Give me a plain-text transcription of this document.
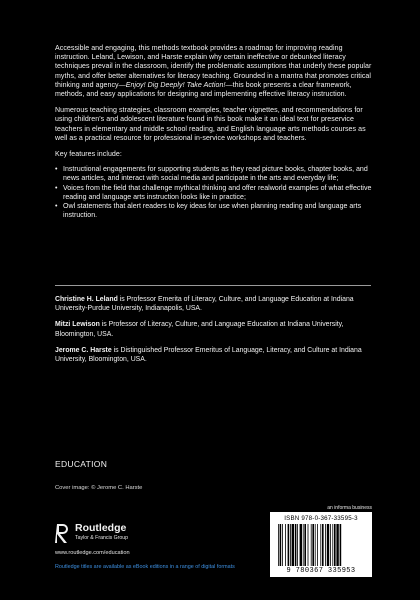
Accessible and engaging, this methods textbook provides a roadmap for improving reading instruction. Leland, Lewison, and Harste explain why certain ineffective or debunked literacy techniques prevail in the classroom, identify the problematic assumptions that underly these popular myths, and offer better alternatives for literacy teaching. Grounded in a mantra that promotes critical thinking and agency—Enjoy! Dig Deeply! Take Action!—this book presents a clear framework, methods, and easy applications for designing and implementing effective literacy instruction.

Numerous teaching strategies, classroom examples, teacher vignettes, and recommendations for using children’s and adolescent literature found in this book make it an ideal text for preservice teachers in elementary and middle school reading, and English language arts methods courses as well as a practical resource for professional in-service workshops and teachers.

Key features include:

• Instructional engagements for supporting students as they read picture books, chapter books, and news articles, and interact with social media and participate in the arts and everyday life;
• Voices from the field that challenge mythical thinking and offer realworld examples of what effective reading and language arts instruction looks like in practice;
• Owl statements that alert readers to key ideas for use when planning reading and language arts instruction.

Christine H. Leland is Professor Emerita of Literacy, Culture, and Language Education at Indiana University-Purdue University, Indianapolis, USA.

Mitzi Lewison is Professor of Literacy, Culture, and Language Education at Indiana University, Bloomington, USA.

Jerome C. Harste is Distinguished Professor Emeritus of Language, Literacy, and Culture at Indiana University, Bloomington, USA.

EDUCATION
Cover image: © Jerome C. Harste
Routledge
Taylor & Francis Group
www.routledge.com/education
Routledge titles are available as eBook editions in a range of digital formats
an informa business
ISBN 978-0-367-33595-3
9 780367 335953
